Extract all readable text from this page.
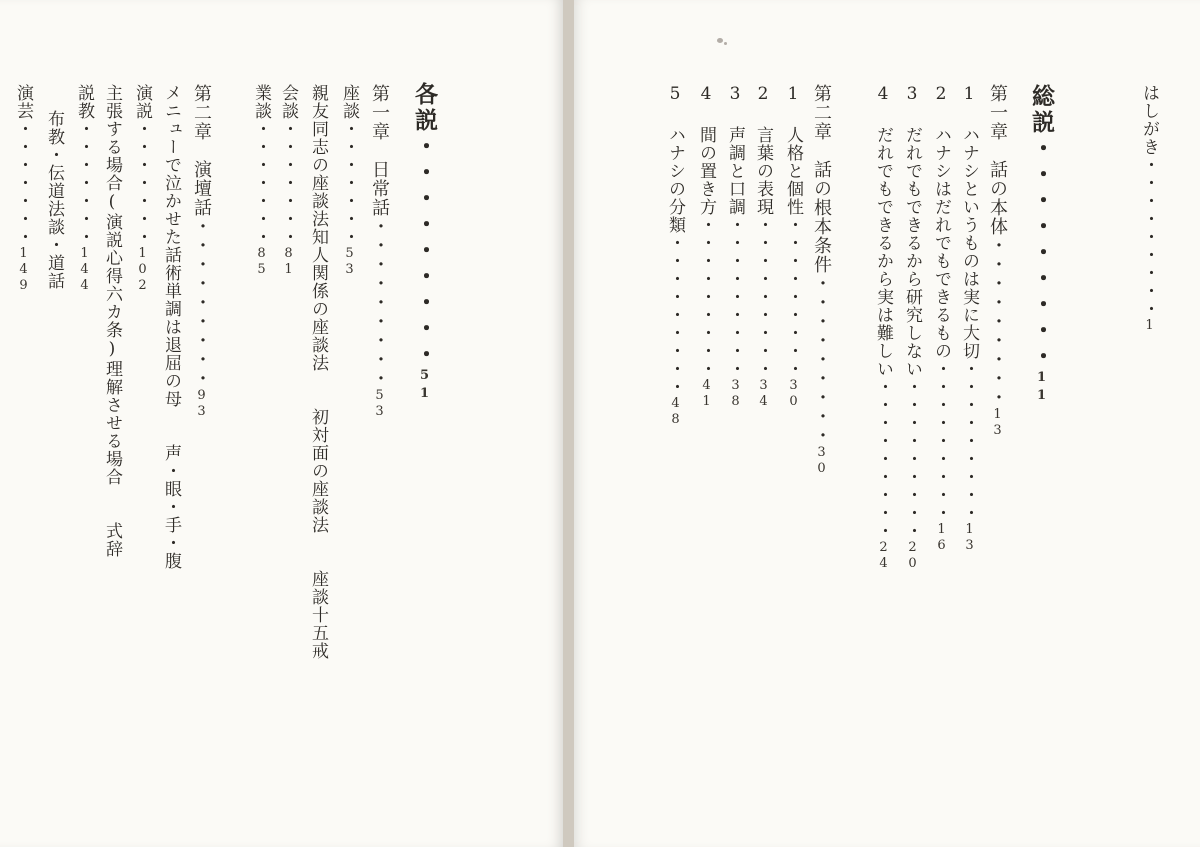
各説・・・・・・・・・51
第一章　日常話・・・・・・・・・53
座談・・・・・・・53
親友同志の座談法知人関係の座談法　　初対面の座談法　　座談十五戒
会談・・・・・・・81
業談・・・・・・・85
第二章　演壇話・・・・・・・・・93
メニューで泣かせた話術単調は退屈の母　　声・眼・手・腹
演説・・・・・・・102
主張する場合(演説心得六カ条)理解させる場合　　式辞
説教・・・・・・・144
布教・伝道法談・道話
演芸・・・・・・・149	はしがき・・・・・・・・・1
総説・・・・・・・・・11
第一章　話の本体・・・・・・・・・13
1 ハナシというものは実に大切・・・・・・・・・13
2 ハナシはだれでもできるもの・・・・・・・・・16
3 だれでもできるから研究しない・・・・・・・・・20
4 だれでもできるから実は難しい・・・・・・・・・24
第二章　話の根本条件・・・・・・・・・30
1 人格と個性・・・・・・・・・30
2 言葉の表現・・・・・・・・・34
3 声調と口調・・・・・・・・・38
4 間の置き方・・・・・・・・・41
5 ハナシの分類・・・・・・・・・48
